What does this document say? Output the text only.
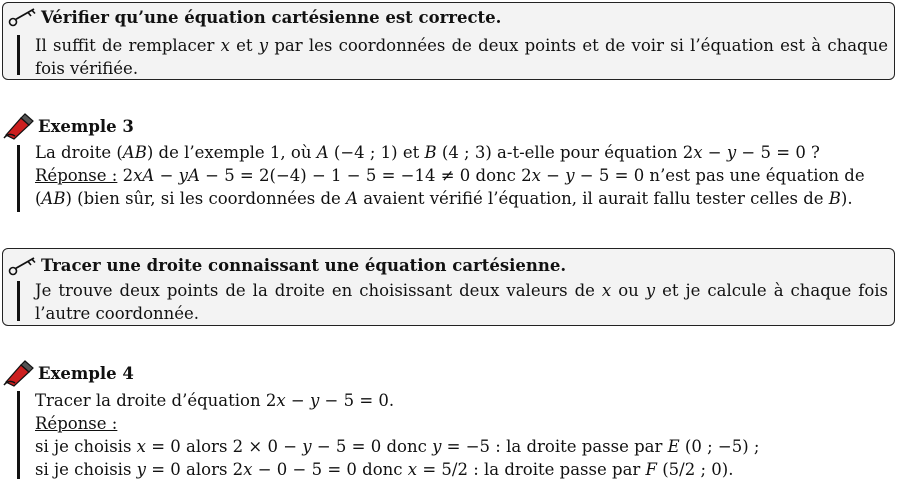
Vérifier qu’une équation cartésienne est correcte.
Il suffit de remplacer 𝑥 et 𝑦 par les coordonnées de deux points et de voir si l’équation est à chaque
fois vérifiée.
Exemple 3
La droite (𝐴𝐵) de l’exemple 1, où 𝐴 (−4 ; 1) et 𝐵 (4 ; 3) a-t-elle pour équation 2𝑥 − 𝑦 − 5 = 0 ?
Réponse : 2𝑥𝐴 − 𝑦𝐴 − 5 = 2(−4) − 1 − 5 = −14 ≠ 0 donc 2𝑥 − 𝑦 − 5 = 0 n’est pas une équation de
(𝐴𝐵) (bien sûr, si les coordonnées de 𝐴 avaient vérifié l’équation, il aurait fallu tester celles de 𝐵).
Tracer une droite connaissant une équation cartésienne.
Je trouve deux points de la droite en choisissant deux valeurs de 𝑥 ou 𝑦 et je calcule à chaque fois
l’autre coordonnée.
Exemple 4
Tracer la droite d’équation 2𝑥 − 𝑦 − 5 = 0.
Réponse :
si je choisis 𝑥 = 0 alors 2 × 0 − 𝑦 − 5 = 0 donc 𝑦 = −5 : la droite passe par 𝐸 (0 ; −5) ;
si je choisis 𝑦 = 0 alors 2𝑥 − 0 − 5 = 0 donc 𝑥 = 5/2 : la droite passe par 𝐹 (5/2 ; 0).
